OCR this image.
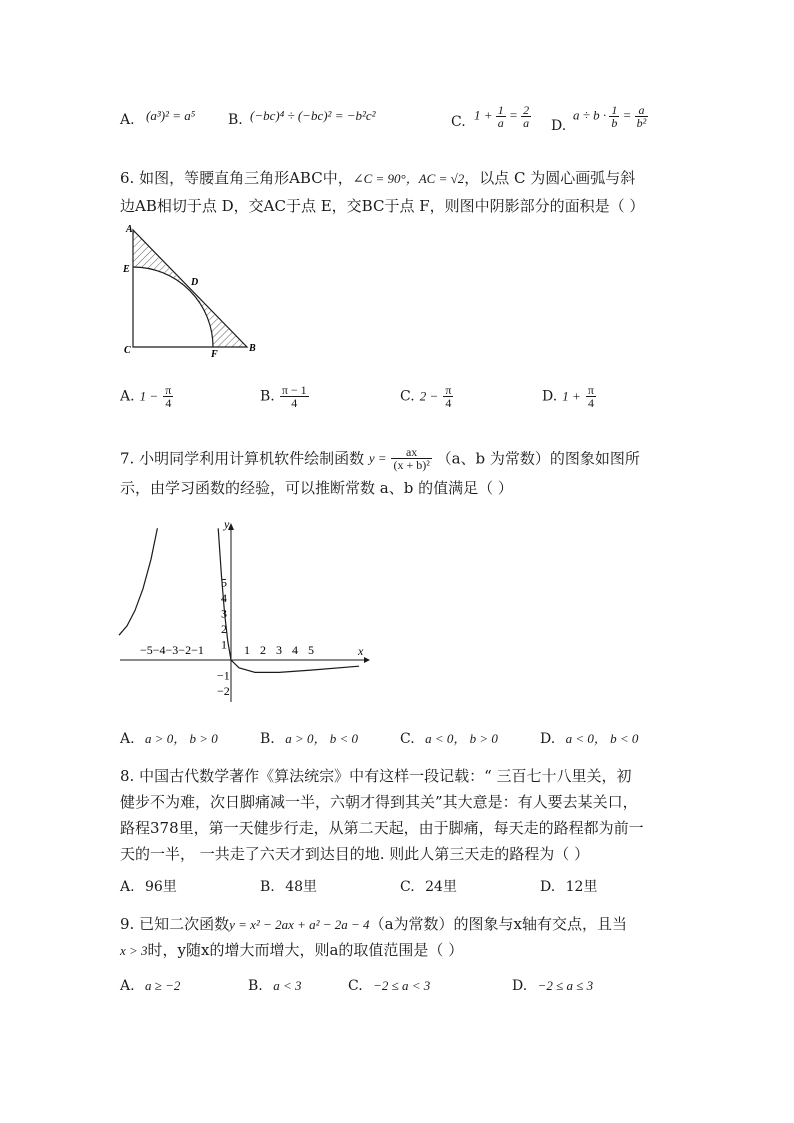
A. (a³)² = a⁵ B. (−bc)⁴ ÷ (−bc)² = −b²c²	C. $1 + \frac{1}{a} = \frac{2}{a} D$.
$a \div b \cdot \frac{1}{b} = \frac{a}{\text{b²}}$
6. 如图，等腰直角三角形ABC中，∠C = 90°，AC = √2，以点 C 为圆心画弧与斜
边AB相切于点 D，交AC于点 E，交BC于点 F，则图中阴影部分的面积是（ ）
A
E
D
C	F
B
A. $1 - \frac{\pi}{4}$	B. $\frac{\pi - 1}{4}$	C. $2 - \frac{\pi}{4}$	D. $1 + \frac{\pi}{4}$
7. 小明同学利用计算机软件绘制函数 $y = \frac{ax}{\text{(x + b)²}} (a$、b 为常数）的图象如图所
示，由学习函数的经验，可以推断常数 a、b 的值满足（ ）
x
y
−5−4−3−2−1	1 2 3 4 5
5
4
3
2
1
−1
−2
A. a > 0， b > 0	B. a > 0， b < 0	C. a < 0， b > 0	D. a < 0， b < 0
8. 中国古代数学著作《算法统宗》中有这样一段记载：“ 三百七十八里关，初
健步不为难，次日脚痛减一半，六朝才得到其关”其大意是：有人要去某关口，
路程378里，第一天健步行走，从第二天起，由于脚痛，每天走的路程都为前一
天的一半， 一共走了六天才到达目的地. 则此人第三天走的路程为（ ）
A. 96里	B. 48里	C. 24里	D. 12里
9. 已知二次函数y = x² − 2ax + a² − 2a − 4（a为常数）的图象与x轴有交点，且当
x > 3时，y随x的增大而增大，则a的取值范围是（ ）
A. a ≥ −2	B. a < 3	C. −2 ≤ a < 3	D. −2 ≤ a ≤ 3
